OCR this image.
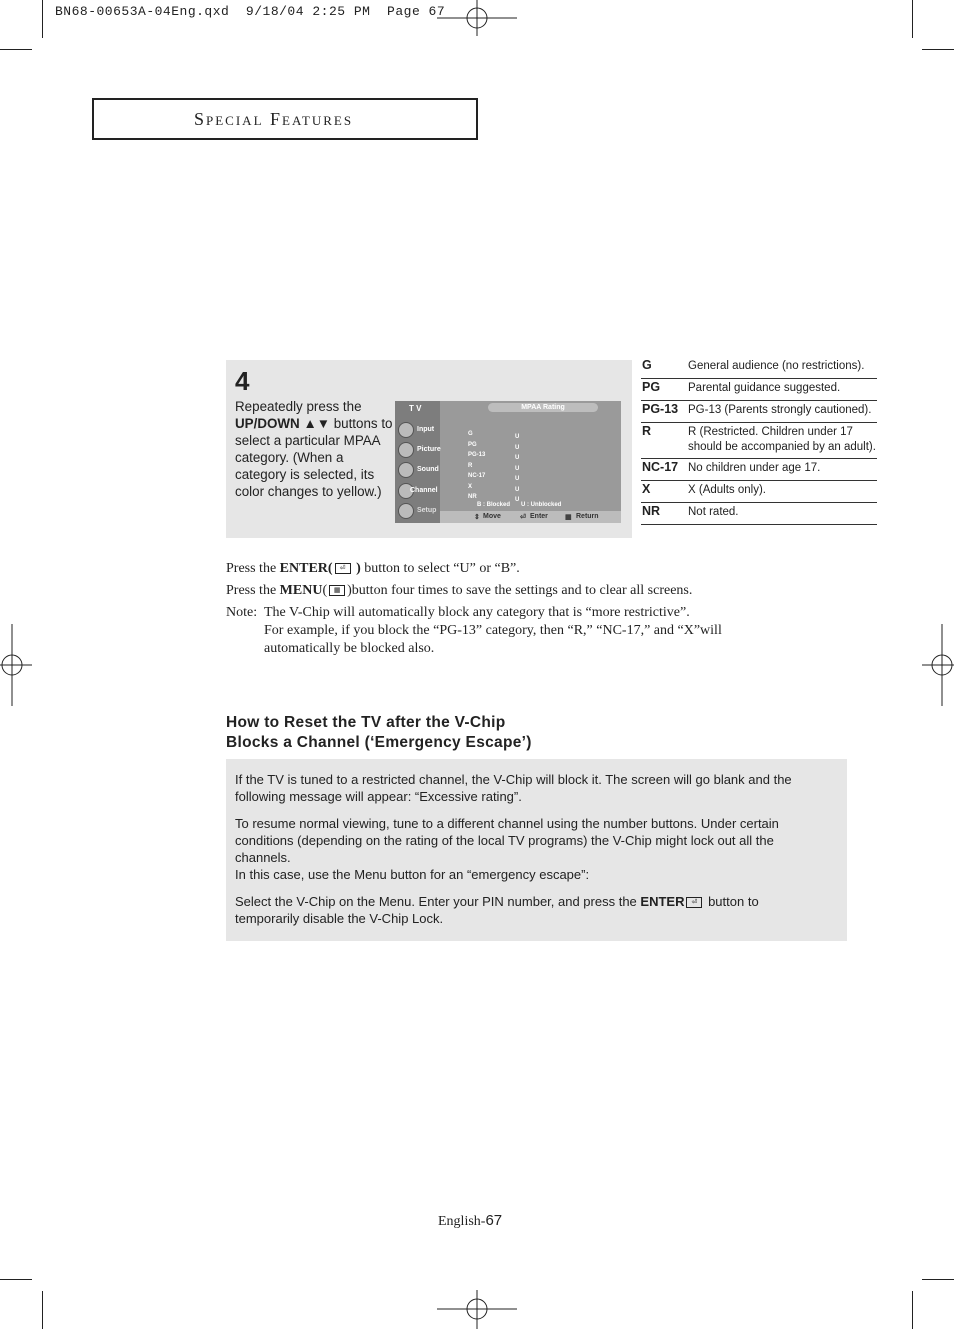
BN68-00653A-04Eng.qxd  9/18/04 2:25 PM  Page 67
Special Features
4
Repeatedly press the UP/DOWN ▲▼ buttons to select a particular MPAA category. (When a category is selected, its color changes to yellow.)
T V	MPAA Rating
Input
Picture
Sound
Channel
Setup
G
PG
PG-13
R
NC-17
X
NR
U
U
U
U
U
U
U
B : Blocked U : Unblocked
⇕ Move	⏎ Enter ▦ Return
G	General audience (no restrictions).
PG Parental guidance suggested.
PG-13 PG-13 (Parents strongly cautioned).
R	R (Restricted. Children under 17 should be accompanied by an adult).
NC-17 No children under age 17.
X	X (Adults only).
NR Not rated.

Press the ENTER( ⏎ ) button to select “U” or “B”.

Press the MENU( ▦ )button four times to save the settings and to clear all screens.

Note: The V-Chip will automatically block any category that is “more restrictive”.
For example, if you block the “PG-13” category, then “R,” “NC-17,” and “X”will automatically be blocked also.
How to Reset the TV after the V-Chip
Blocks a Channel (‘Emergency Escape’)

If the TV is tuned to a restricted channel, the V-Chip will block it. The screen will go blank and the following message will appear: “Excessive rating”.

To resume normal viewing, tune to a different channel using the number buttons. Under certain conditions (depending on the rating of the local TV programs) the V-Chip might lock out all the channels.

In this case, use the Menu button for an “emergency escape”:

Select the V-Chip on the Menu. Enter your PIN number, and press the ENTER ⏎ button to temporarily disable the V-Chip Lock.

English-67
